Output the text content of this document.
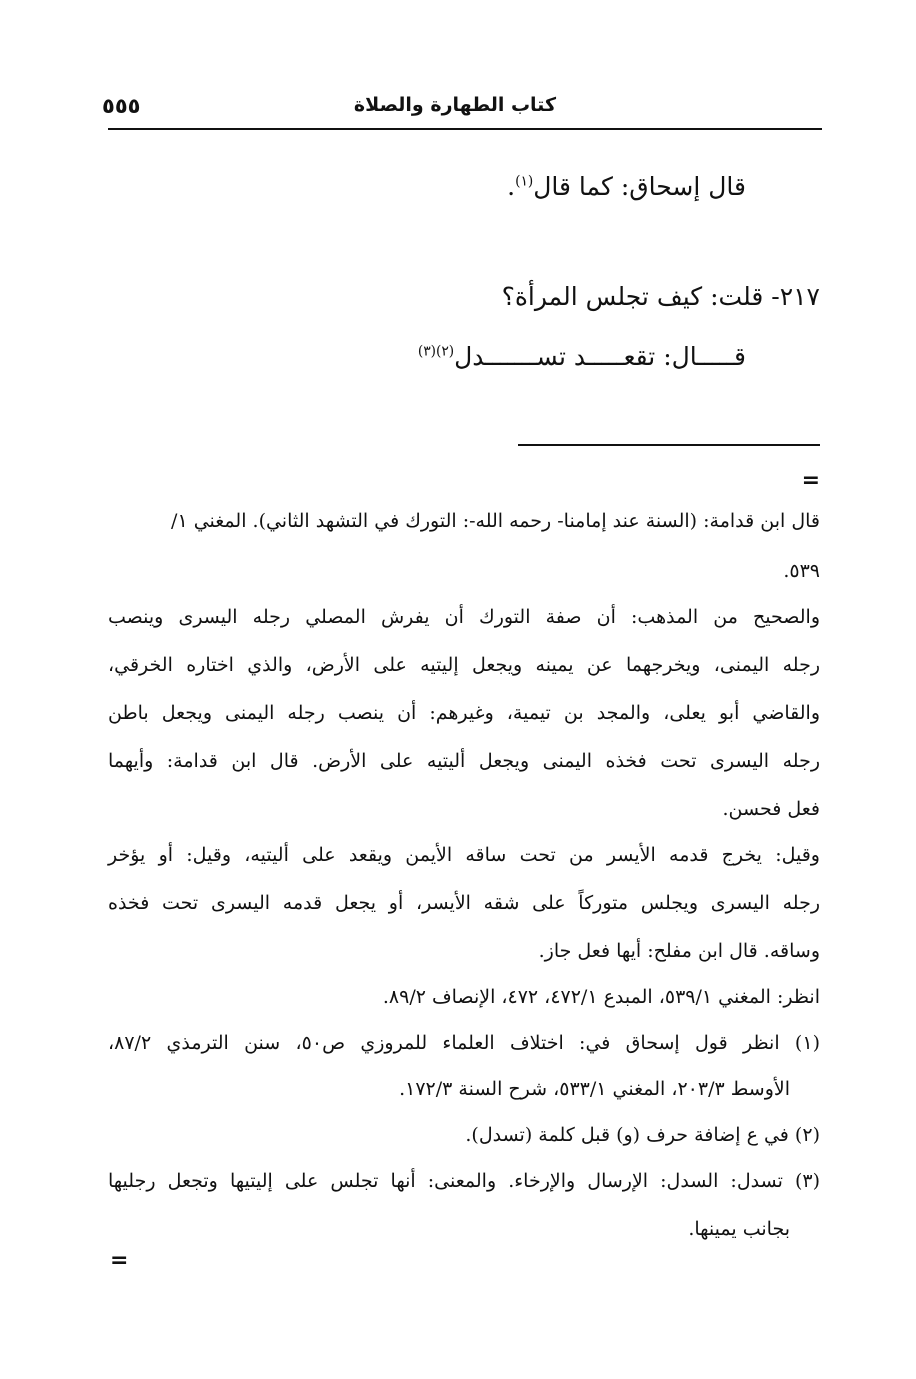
كتاب الطهارة والصلاة
٥٥٥
قال إسحاق: كما قال$^{(١)}$.
٢١٧- قلت: كيف تجلس المرأة؟
قـــــال: تقعـــــد تســـــــدل$^{(٢)(٣)}$
=
قال ابن قدامة: (السنة عند إمامنا- رحمه الله-: التورك في التشهد الثاني). المغني ١/
٥٣٩.
والصحيح من المذهب: أن صفة التورك أن يفرش المصلي رجله اليسرى وينصب
رجله اليمنى، ويخرجهما عن يمينه ويجعل إليتيه على الأرض، والذي اختاره الخرقي،
والقاضي أبو يعلى، والمجد بن تيمية، وغيرهم: أن ينصب رجله اليمنى ويجعل باطن
رجله اليسرى تحت فخذه اليمنى ويجعل أليتيه على الأرض. قال ابن قدامة: وأيهما
فعل فحسن.
وقيل: يخرج قدمه الأيسر من تحت ساقه الأيمن ويقعد على أليتيه، وقيل: أو يؤخر
رجله اليسرى ويجلس متوركاً على شقه الأيسر، أو يجعل قدمه اليسرى تحت فخذه
وساقه. قال ابن مفلح: أيها فعل جاز.
انظر: المغني ٥٣٩/١، المبدع ٤٧٢/١، ٤٧٢، الإنصاف ٨٩/٢.
(١) انظر قول إسحاق في: اختلاف العلماء للمروزي ص٥٠، سنن الترمذي ٨٧/٢،
الأوسط ٢٠٣/٣، المغني ٥٣٣/١، شرح السنة ١٧٢/٣.
(٢) في ع إضافة حرف (و) قبل كلمة (تسدل).
(٣) تسدل: السدل: الإرسال والإرخاء. والمعنى: أنها تجلس على إليتيها وتجعل رجليها
بجانب يمينها.
=
